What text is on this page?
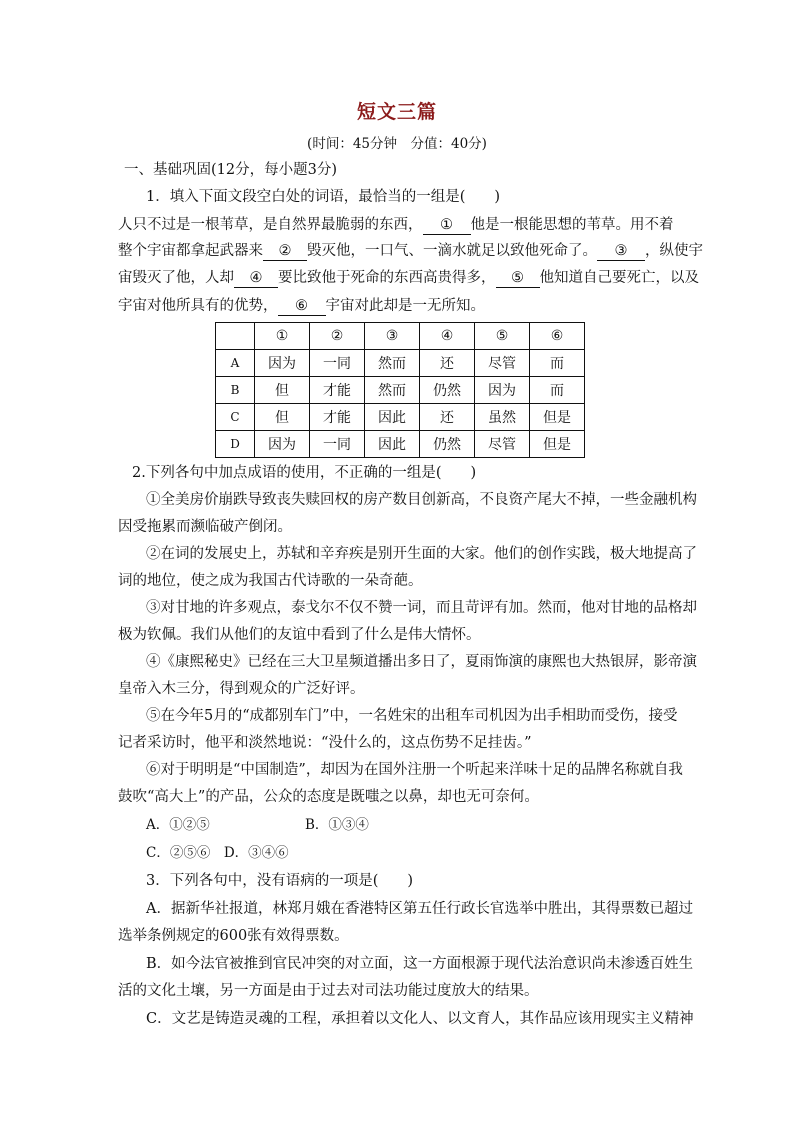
短文三篇
(时间：45分钟　分值：40分)
一、基础巩固(12分，每小题3分)
1．填入下面文段空白处的词语，最恰当的一组是(　　)
人只不过是一根苇草，是自然界最脆弱的东西， ① 他是一根能思想的苇草。用不着
整个宇宙都拿起武器来 ② 毁灭他，一口气、一滴水就足以致他死命了。 ③ ，纵使宇
宙毁灭了他，人却 ④ 要比致他于死命的东西高贵得多， ⑤ 他知道自己要死亡，以及
宇宙对他所具有的优势， ⑥ 宇宙对此却是一无所知。
	①	②	③	④	⑤	⑥
A	因为	一同	然而	还	尽管	而
B	但	才能	然而	仍然	因为	而
C	但	才能	因此	还	虽然	但是
D	因为	一同	因此	仍然	尽管	但是
2.下列各句中加点成语的使用，不正确的一组是(　　)
①全美房价崩跌导致丧失赎回权的房产数目创新高，不良资产尾大不掉，一些金融机构
因受拖累而濒临破产倒闭。
②在词的发展史上，苏轼和辛弃疾是别开生面的大家。他们的创作实践，极大地提高了
词的地位，使之成为我国古代诗歌的一朵奇葩。
③对甘地的许多观点，泰戈尔不仅不赞一词，而且苛评有加。然而，他对甘地的品格却
极为钦佩。我们从他们的友谊中看到了什么是伟大情怀。
④《康熙秘史》已经在三大卫星频道播出多日了，夏雨饰演的康熙也大热银屏，影帝演
皇帝入木三分，得到观众的广泛好评。
⑤在今年5月的“成都别车门”中，一名姓宋的出租车司机因为出手相助而受伤，接受
记者采访时，他平和淡然地说：“没什么的，这点伤势不足挂齿。”
⑥对于明明是“中国制造”，却因为在国外注册一个听起来洋味十足的品牌名称就自我
鼓吹“高大上”的产品，公众的态度是既嗤之以鼻，却也无可奈何。
A．①②⑤	B．①③④
C．②⑤⑥　D．③④⑥
3．下列各句中，没有语病的一项是(　　)
A．据新华社报道，林郑月娥在香港特区第五任行政长官选举中胜出，其得票数已超过
选举条例规定的600张有效得票数。
B．如今法官被推到官民冲突的对立面，这一方面根源于现代法治意识尚未渗透百姓生
活的文化土壤，另一方面是由于过去对司法功能过度放大的结果。
C．文艺是铸造灵魂的工程，承担着以文化人、以文育人，其作品应该用现实主义精神
